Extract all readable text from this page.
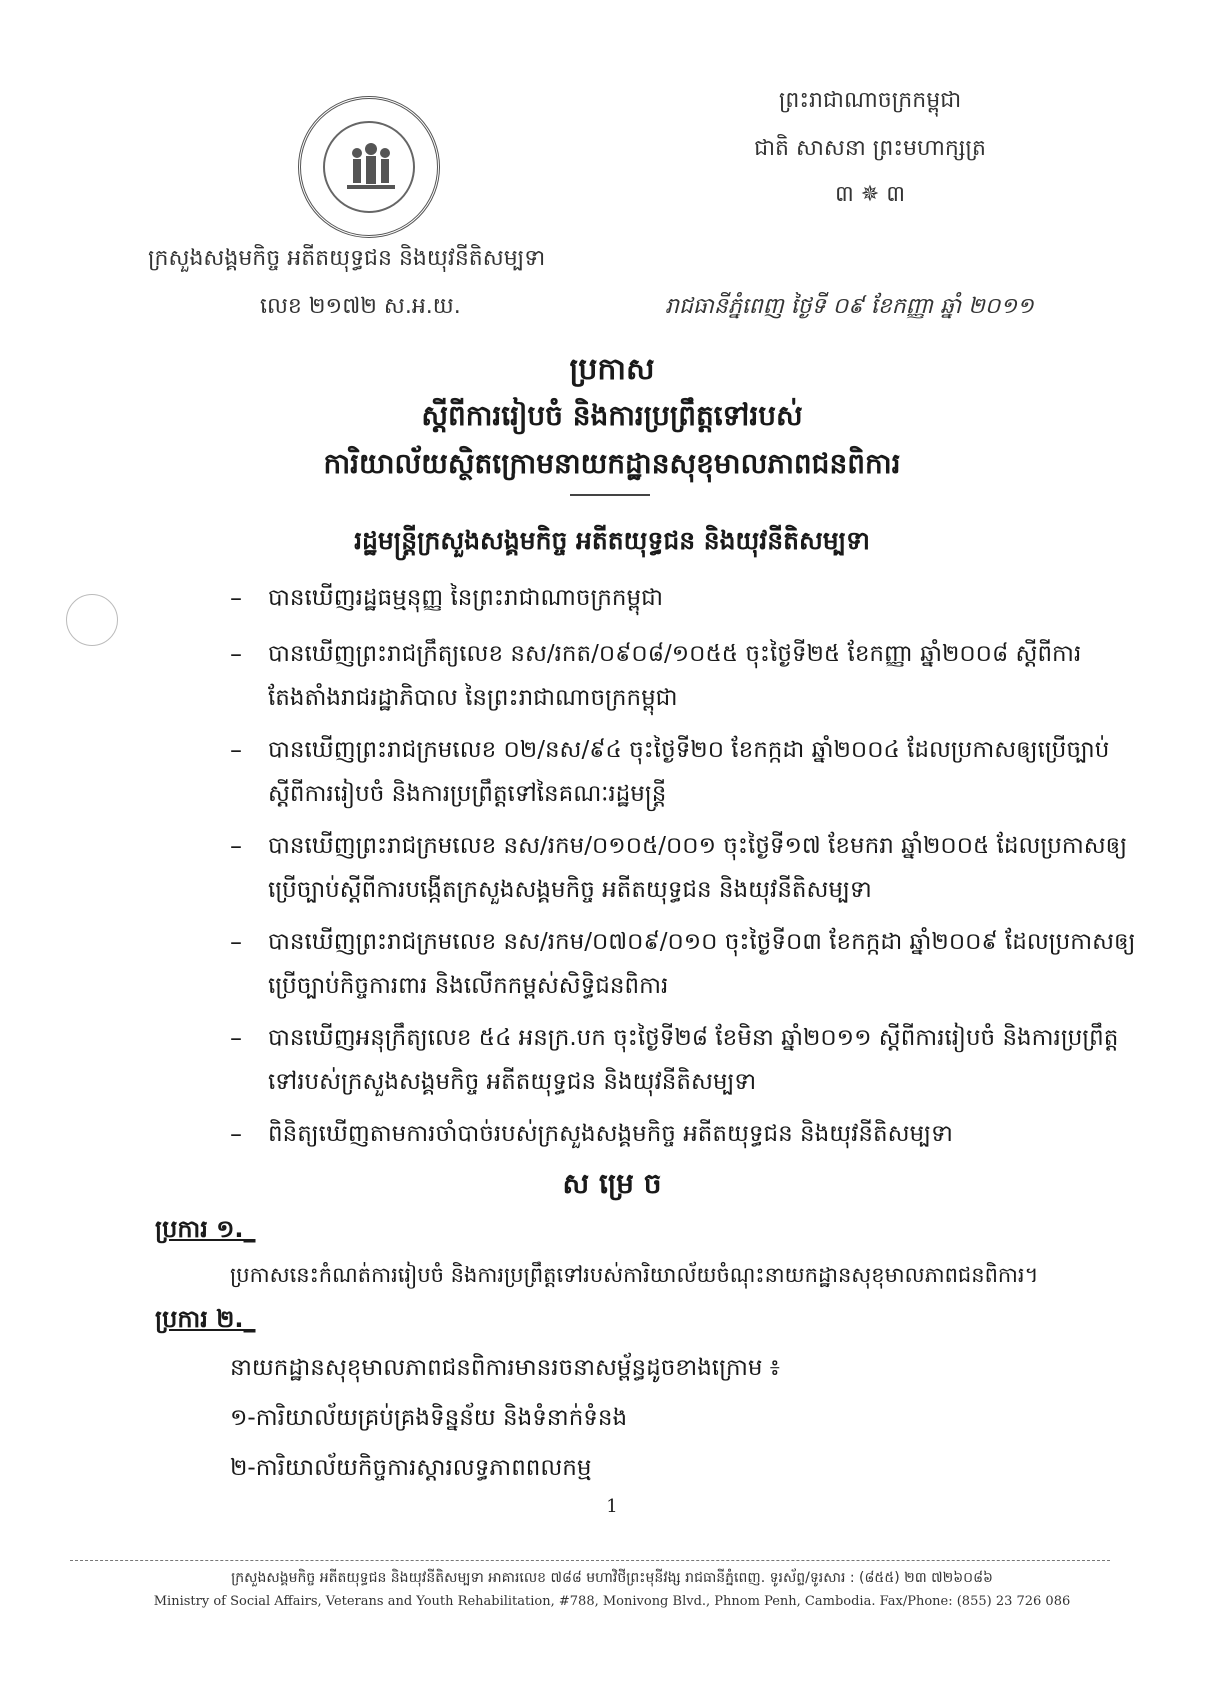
ព្រះរាជាណាចក្រកម្ពុជា
ជាតិ សាសនា ព្រះមហាក្សត្រ
៣ ✵ ៣
ក្រសួងសង្គមកិច្ច អតីតយុទ្ធជន និងយុវនីតិសម្បទា
លេខ ២១៧២ ស.អ.យ.	រាជធានីភ្នំពេញ ថ្ងៃទី ០៩ ខែកញ្ញា ឆ្នាំ ២០១១
ប្រកាស
ស្តីពីការរៀបចំ និងការប្រព្រឹត្តទៅរបស់
ការិយាល័យស្ថិតក្រោមនាយកដ្ឋានសុខុមាលភាពជនពិការ
រដ្ឋមន្ត្រីក្រសួងសង្គមកិច្ច អតីតយុទ្ធជន និងយុវនីតិសម្បទា
– បានឃើញរដ្ឋធម្មនុញ្ញ នៃព្រះរាជាណាចក្រកម្ពុជា
– បានឃើញព្រះរាជក្រឹត្យលេខ នស/រកត/០៩០៨/១០៥៥ ចុះថ្ងៃទី២៥ ខែកញ្ញា ឆ្នាំ២០០៨ ស្តីពីការតែងតាំងរាជរដ្ឋាភិបាល នៃព្រះរាជាណាចក្រកម្ពុជា
– បានឃើញព្រះរាជក្រមលេខ ០២/នស/៩៤ ចុះថ្ងៃទី២០ ខែកក្កដា ឆ្នាំ២០០៤ ដែលប្រកាសឲ្យប្រើច្បាប់ស្តីពីការរៀបចំ និងការប្រព្រឹត្តទៅនៃគណៈរដ្ឋមន្ត្រី
– បានឃើញព្រះរាជក្រមលេខ នស/រកម/០១០៥/០០១ ចុះថ្ងៃទី១៧ ខែមករា ឆ្នាំ២០០៥ ដែលប្រកាសឲ្យប្រើច្បាប់ស្តីពីការបង្កើតក្រសួងសង្គមកិច្ច អតីតយុទ្ធជន និងយុវនីតិសម្បទា
– បានឃើញព្រះរាជក្រមលេខ នស/រកម/០៧០៩/០១០ ចុះថ្ងៃទី០៣ ខែកក្កដា ឆ្នាំ២០០៩ ដែលប្រកាសឲ្យប្រើច្បាប់កិច្ចការពារ និងលើកកម្ពស់សិទ្ធិជនពិការ
– បានឃើញអនុក្រឹត្យលេខ ៥៤ អនក្រ.បក ចុះថ្ងៃទី២៨ ខែមិនា ឆ្នាំ២០១១ ស្តីពីការរៀបចំ និងការប្រព្រឹត្តទៅរបស់ក្រសួងសង្គមកិច្ច អតីតយុទ្ធជន និងយុវនីតិសម្បទា
– ពិនិត្យឃើញតាមការចាំបាច់របស់ក្រសួងសង្គមកិច្ច អតីតយុទ្ធជន និងយុវនីតិសម្បទា
ស ម្រេ ច
ប្រការ ១._
ប្រកាសនេះកំណត់ការរៀបចំ និងការប្រព្រឹត្តទៅរបស់ការិយាល័យចំណុះនាយកដ្ឋានសុខុមាលភាពជនពិការ។
ប្រការ ២._
នាយកដ្ឋានសុខុមាលភាពជនពិការមានរចនាសម្ព័ន្ធដូចខាងក្រោម ៖
១-ការិយាល័យគ្រប់គ្រងទិន្នន័យ និងទំនាក់ទំនង
២-ការិយាល័យកិច្ចការស្តារលទ្ធភាពពលកម្ម
1
ក្រសួងសង្គមកិច្ច អតីតយុទ្ធជន និងយុវនីតិសម្បទា អាគារលេខ ៧៨៨ មហាវិថីព្រះមុនីវង្ស រាជធានីភ្នំពេញ. ទូរស័ព្ទ/ទូរសារ : (៨៥៥) ២៣ ៧២៦០៨៦
Ministry of Social Affairs, Veterans and Youth Rehabilitation, #788, Monivong Blvd., Phnom Penh, Cambodia. Fax/Phone: (855) 23 726 086
